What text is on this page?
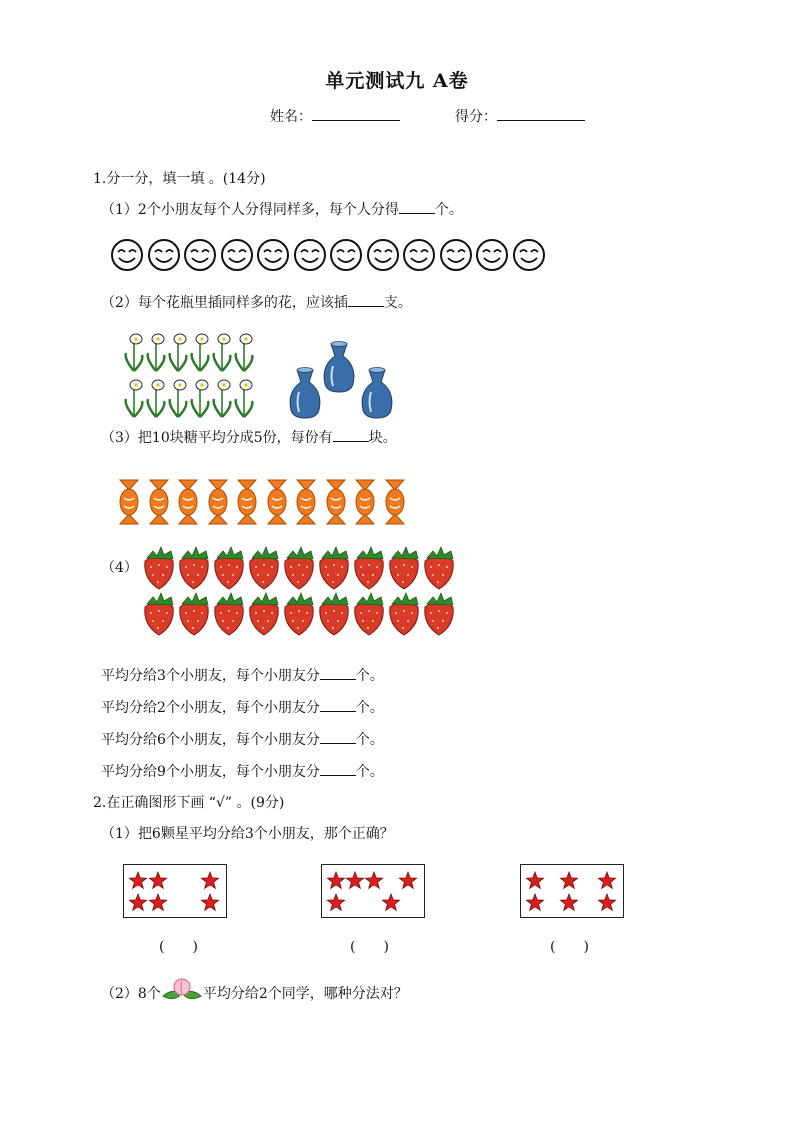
单元测试九 A卷
姓名：	得分：
1.分一分，填一填 。(14分)
（1）2个小朋友每个人分得同样多，每个人分得	个。
（2）每个花瓶里插同样多的花，应该插	支。
（3）把10块糖平均分成5份，每份有	块。
（4）
平均分给3个小朋友，每个小朋友分	个。
平均分给2个小朋友，每个小朋友分	个。
平均分给6个小朋友，每个小朋友分	个。
平均分给9个小朋友，每个小朋友分	个。
2.在正确图形下画 “√” 。(9分)
（1）把6颗星平均分给3个小朋友，那个正确？
(　　)	(　　)	(　　)
（2）8个	平均分给2个同学，哪种分法对？
